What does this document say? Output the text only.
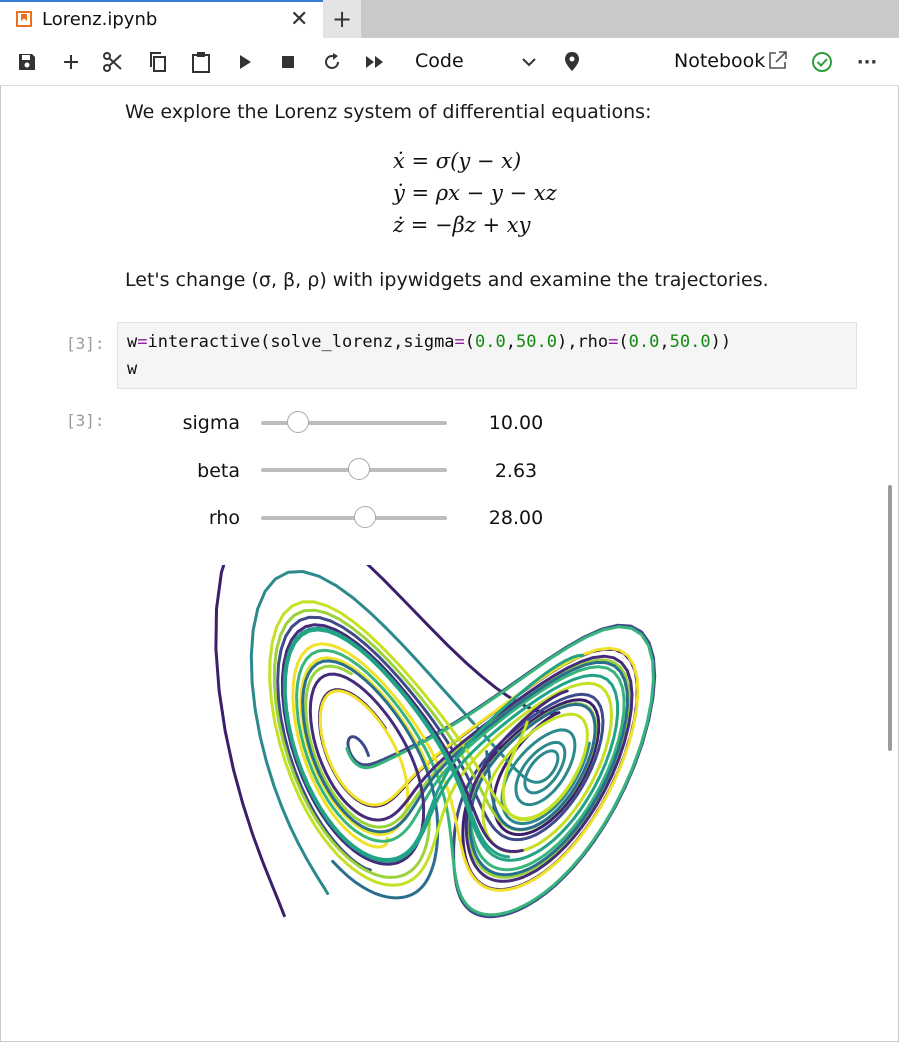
Lorenz.ipynb	✕ +
Code	Notebook	···
We explore the Lorenz system of differential equations:
ẋ = σ(y − x)
ẏ = ρx − y − xz
ż = −βz + xy
Let's change (σ, β, ρ) with ipywidgets and examine the trajectories.
[3]: w=interactive(solve_lorenz,sigma=(0.0,50.0),rho=(0.0,50.0))
w
[3]:	sigma	10.00
beta	2.63
rho	28.00
